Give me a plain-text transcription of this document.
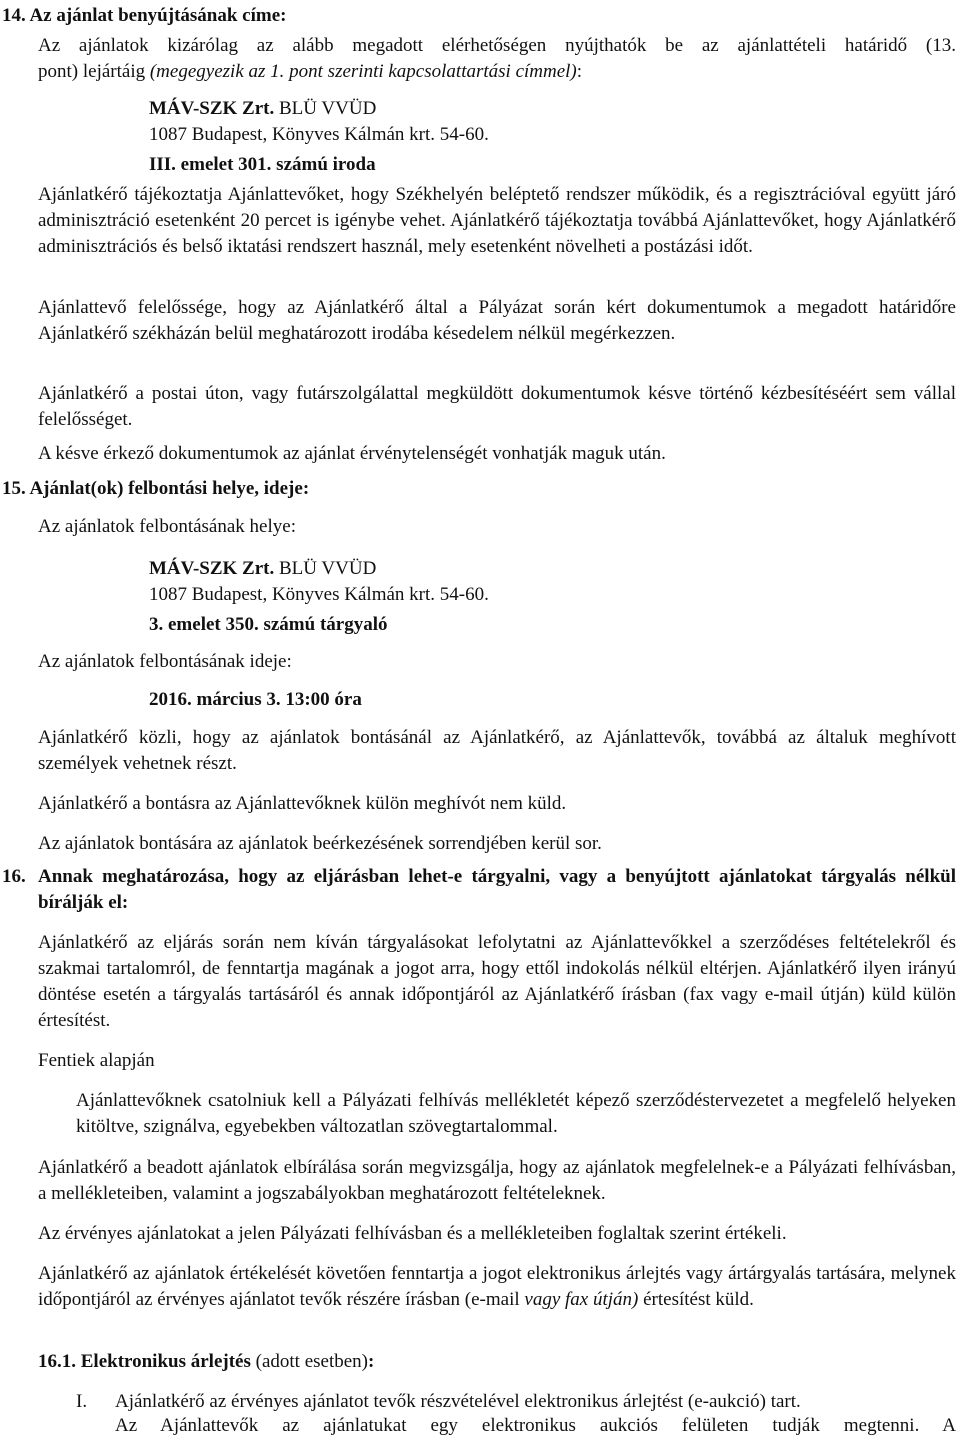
14. Az ajánlat benyújtásának címe:

Az ajánlatok kizárólag az alább megadott elérhetőségen nyújthatók be az ajánlattételi határidő (13.

pont) lejártáig (megegyezik az 1. pont szerinti kapcsolattartási címmel):

MÁV-SZK Zrt. BLÜ VVÜD
1087 Budapest, Könyves Kálmán krt. 54-60.
III. emelet 301. számú iroda

Ajánlatkérő tájékoztatja Ajánlattevőket, hogy Székhelyén beléptető rendszer működik, és a regisztrációval együtt járó adminisztráció esetenként 20 percet is igénybe vehet. Ajánlatkérő tájékoztatja továbbá Ajánlattevőket, hogy Ajánlatkérő adminisztrációs és belső iktatási rendszert használ, mely esetenként növelheti a postázási időt.

Ajánlattevő felelőssége, hogy az Ajánlatkérő által a Pályázat során kért dokumentumok a megadott határidőre Ajánlatkérő székházán belül meghatározott irodába késedelem nélkül megérkezzen.

Ajánlatkérő a postai úton, vagy futárszolgálattal megküldött dokumentumok késve történő kézbesítéséért sem vállal felelősséget.

A késve érkező dokumentumok az ajánlat érvénytelenségét vonhatják maguk után.

15. Ajánlat(ok) felbontási helye, ideje:

Az ajánlatok felbontásának helye:

MÁV-SZK Zrt. BLÜ VVÜD
1087 Budapest, Könyves Kálmán krt. 54-60.
3. emelet 350. számú tárgyaló

Az ajánlatok felbontásának ideje:

2016. március 3. 13:00 óra

Ajánlatkérő közli, hogy az ajánlatok bontásánál az Ajánlatkérő, az Ajánlattevők, továbbá az általuk meghívott személyek vehetnek részt.

Ajánlatkérő a bontásra az Ajánlattevőknek külön meghívót nem küld.

Az ajánlatok bontására az ajánlatok beérkezésének sorrendjében kerül sor.

16. Annak meghatározása, hogy az eljárásban lehet-e tárgyalni, vagy a benyújtott ajánlatokat tárgyalás nélkül bírálják el:

Ajánlatkérő az eljárás során nem kíván tárgyalásokat lefolytatni az Ajánlattevőkkel a szerződéses feltételekről és szakmai tartalomról, de fenntartja magának a jogot arra, hogy ettől indokolás nélkül eltérjen. Ajánlatkérő ilyen irányú döntése esetén a tárgyalás tartásáról és annak időpontjáról az Ajánlatkérő írásban (fax vagy e-mail útján) küld külön értesítést.

Fentiek alapján

Ajánlattevőknek csatolniuk kell a Pályázati felhívás mellékletét képező szerződéstervezetet a megfelelő helyeken kitöltve, szignálva, egyebekben változatlan szövegtartalommal.

Ajánlatkérő a beadott ajánlatok elbírálása során megvizsgálja, hogy az ajánlatok megfelelnek-e a Pályázati felhívásban, a mellékleteiben, valamint a jogszabályokban meghatározott feltételeknek.

Az érvényes ajánlatokat a jelen Pályázati felhívásban és a mellékleteiben foglaltak szerint értékeli.

Ajánlatkérő az ajánlatok értékelését követően fenntartja a jogot elektronikus árlejtés vagy ártárgyalás tartására, melynek időpontjáról az érvényes ajánlatot tevők részére írásban (e-mail vagy fax útján) értesítést küld.

16.1. Elektronikus árlejtés (adott esetben):
I. Ajánlatkérő az érvényes ajánlatot tevők részvételével elektronikus árlejtést (e-aukció) tart.

Az Ajánlattevők az ajánlatukat egy elektronikus aukciós felületen tudják megtenni. A
